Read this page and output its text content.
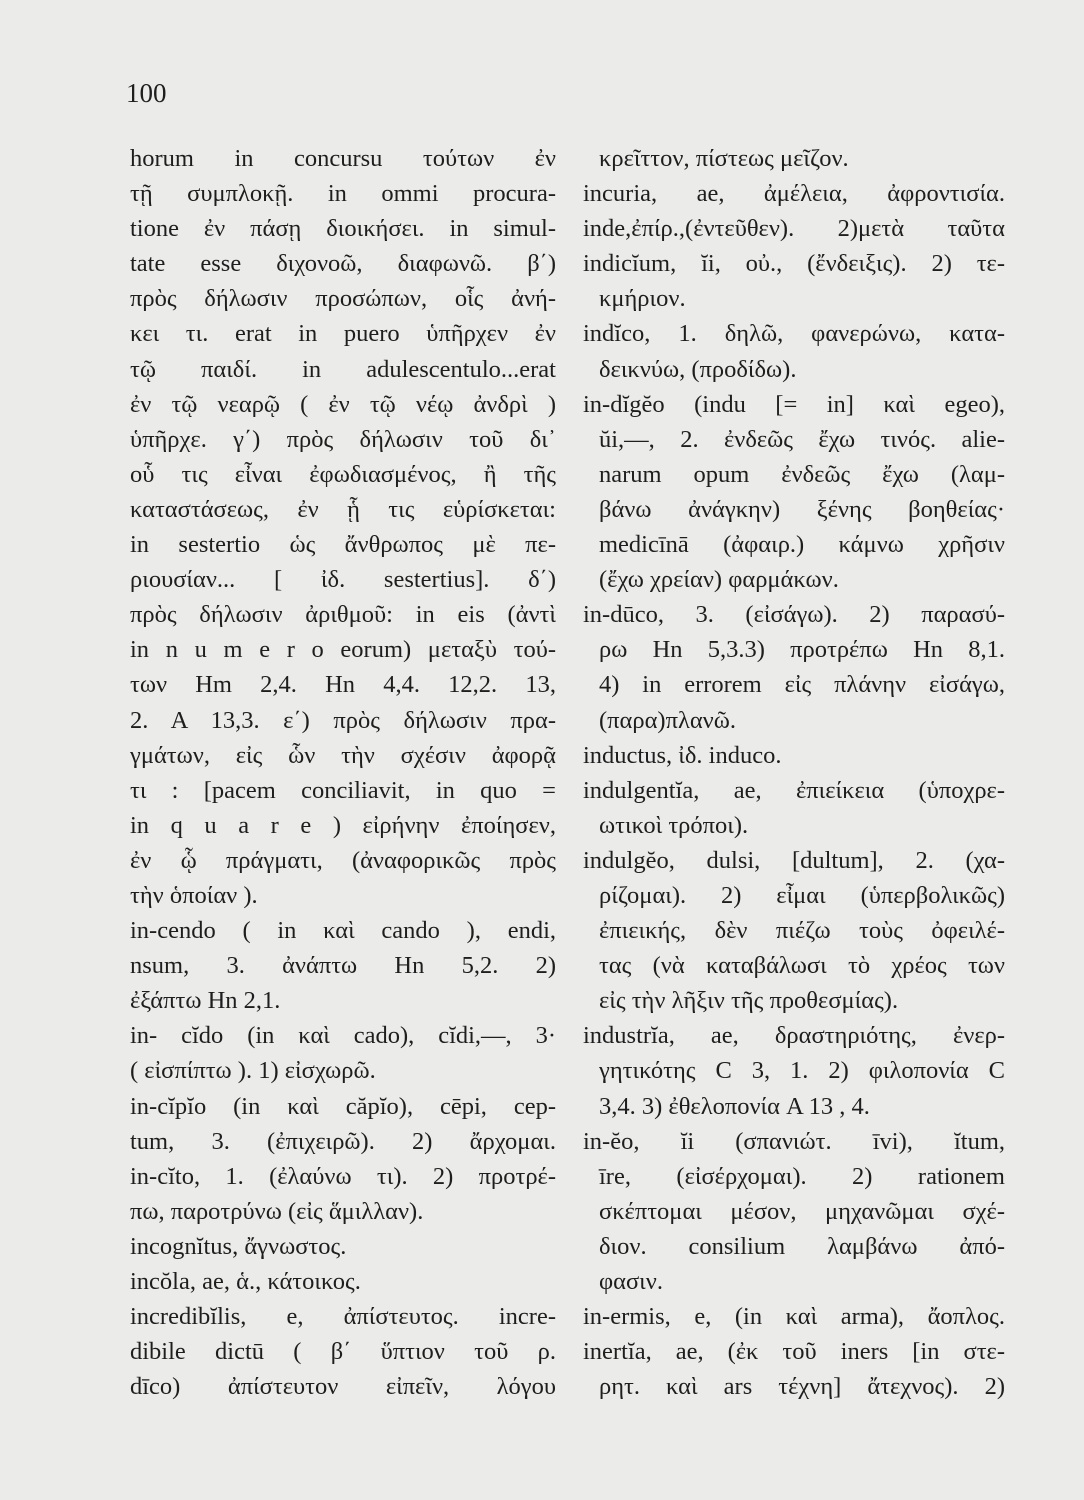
100
horum in concursu τούτων ἐν
τῇ συμπλοκῇ. in ommi procura-
tione ἐν πάσῃ διοικήσει. in simul-
tate esse διχονοῶ, διαφωνῶ. β΄)
πρὸς δήλωσιν προσώπων, οἷς ἀνή-
κει τι. erat in puero ὑπῆρχεν ἐν
τῷ παιδί. in adulescentulo...erat
ἐν τῷ νεαρῷ ( ἐν τῷ νέῳ ἀνδρὶ )
ὑπῆρχε. γ΄) πρὸς δήλωσιν τοῦ δι᾽
οὗ τις εἶναι ἐφωδιασμένος, ἢ τῆς
καταστάσεως, ἐν ᾗ τις εὑρίσκεται:
in sestertio ὡς ἄνθρωπος μὲ πε-
ριουσίαν... [ ἰδ. sestertius]. δ΄)
πρὸς δήλωσιν ἀριθμοῦ: in eis (ἀντὶ
in n u m e r o eorum) μεταξὺ τού-
των Hm 2,4. Hn 4,4. 12,2. 13,
2. A 13,3. ε΄) πρὸς δήλωσιν πρα-
γμάτων, εἰς ὧν τὴν σχέσιν ἀφορᾷ
τι : [pacem conciliavit, in quo =
in q u a r e ) εἰρήνην ἐποίησεν,
ἐν ᾧ πράγματι, (ἀναφορικῶς πρὸς
τὴν ὁποίαν ).
in-cendo ( in καὶ cando ), endi,
nsum, 3. ἀνάπτω Hn 5,2. 2)
ἐξάπτω Hn 2,1.
in- cĭdo (in καὶ cado), cĭdi,—, 3·
( εἰσπίπτω ). 1) εἰσχωρῶ.
in-cĭpĭo (in καὶ căpĭo), cēpi, cep-
tum, 3. (ἐπιχειρῶ). 2) ἄρχομαι.
in-cĭto, 1. (ἐλαύνω τι). 2) προτρέ-
πω, παροτρύνω (εἰς ἅμιλλαν).
incognĭtus, ἄγνωστος.
incŏla, ae, ἁ., κάτοικος.
incredibĭlis, e, ἀπίστευτος. incre-
dibile dictū ( β΄ ὕπτιον τοῦ ρ.
dīco) ἀπίστευτον εἰπεῖν, λόγου
κρεῖττον, πίστεως μεῖζον.
incuria, ae, ἀμέλεια, ἀφροντισία.
inde,ἐπίρ.,(ἐντεῦθεν). 2)μετὰ ταῦτα
indicĭum, ĭi, οὐ., (ἔνδειξις). 2) τε-
κμήριον.
indĭco, 1. δηλῶ, φανερώνω, κατα-
δεικνύω, (προδίδω).
in-dĭgĕo (indu [= in] καὶ egeo),
ŭi,—, 2. ἐνδεῶς ἔχω τινός. alie-
narum opum ἐνδεῶς ἔχω (λαμ-
βάνω ἀνάγκην) ξένης βοηθείας·
medicīnā (ἀφαιρ.) κάμνω χρῆσιν
(ἔχω χρείαν) φαρμάκων.
in-dūco, 3. (εἰσάγω). 2) παρασύ-
ρω Hn 5,3.3) προτρέπω Hn 8,1.
4) in errorem εἰς πλάνην εἰσάγω,
(παρα)πλανῶ.
inductus, ἰδ. induco.
indulgentĭa, ae, ἐπιείκεια (ὑποχρε-
ωτικοὶ τρόποι).
indulgĕo, dulsi, [dultum], 2. (χα-
ρίζομαι). 2) εἶμαι (ὑπερβολικῶς)
ἐπιεικής, δὲν πιέζω τοὺς ὀφειλέ-
τας (νὰ καταβάλωσι τὸ χρέος των
εἰς τὴν λῆξιν τῆς προθεσμίας).
industrĭa, ae, δραστηριότης, ἐνερ-
γητικότης C 3, 1. 2) φιλοπονία C
3,4. 3) ἐθελοπονία A 13 , 4.
in-ĕo, ĭi (σπανιώτ. īvi), ĭtum,
īre, (εἰσέρχομαι). 2) rationem
σκέπτομαι μέσον, μηχανῶμαι σχέ-
διον. consilium λαμβάνω ἀπό-
φασιν.
in-ermis, e, (in καὶ arma), ἄοπλος.
inertĭa, ae, (ἐκ τοῦ iners [in στε-
ρητ. καὶ ars τέχνη] ἄτεχνος). 2)
